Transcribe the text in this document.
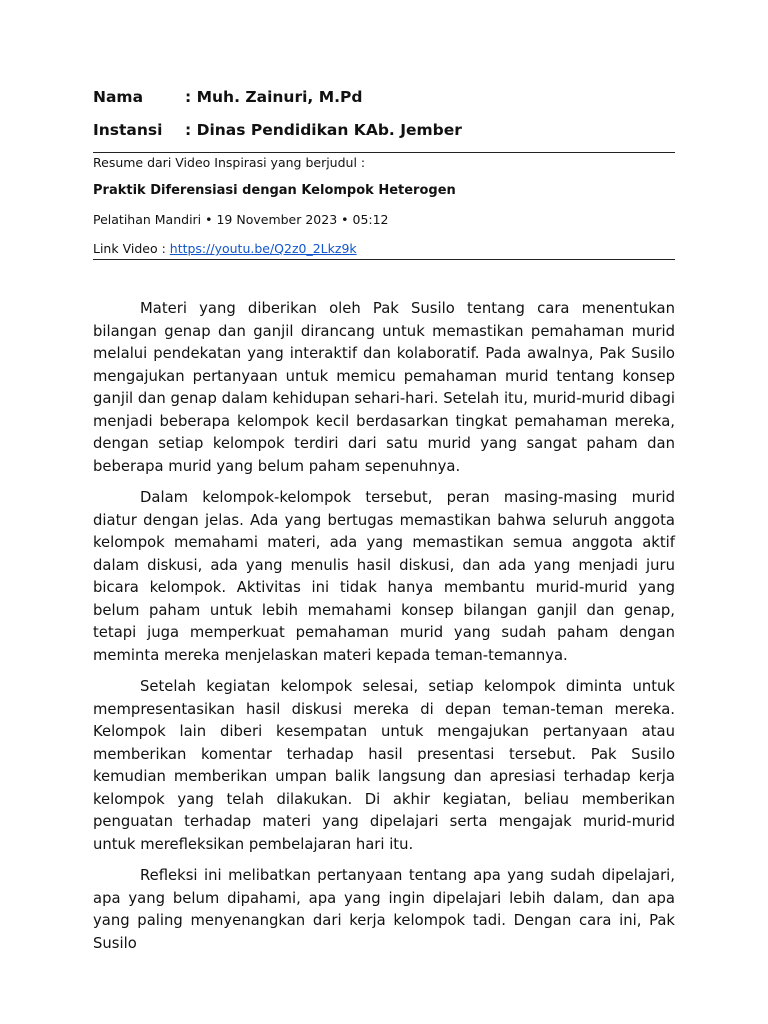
Nama	: Muh. Zainuri, M.Pd
Instansi : Dinas Pendidikan KAb. Jember
Resume dari Video Inspirasi yang berjudul :
Praktik Diferensiasi dengan Kelompok Heterogen
Pelatihan Mandiri • 19 November 2023 • 05:12
Link Video : https://youtu.be/Q2z0_2Lkz9k

Materi yang diberikan oleh Pak Susilo tentang cara menentukan bilangan genap dan ganjil dirancang untuk memastikan pemahaman murid melalui pendekatan yang interaktif dan kolaboratif. Pada awalnya, Pak Susilo mengajukan pertanyaan untuk memicu pemahaman murid tentang konsep ganjil dan genap dalam kehidupan sehari-hari. Setelah itu, murid-murid dibagi menjadi beberapa kelompok kecil berdasarkan tingkat pemahaman mereka, dengan setiap kelompok terdiri dari satu murid yang sangat paham dan beberapa murid yang belum paham sepenuhnya.

Dalam kelompok-kelompok tersebut, peran masing-masing murid diatur dengan jelas. Ada yang bertugas memastikan bahwa seluruh anggota kelompok memahami materi, ada yang memastikan semua anggota aktif dalam diskusi, ada yang menulis hasil diskusi, dan ada yang menjadi juru bicara kelompok. Aktivitas ini tidak hanya membantu murid-murid yang belum paham untuk lebih memahami konsep bilangan ganjil dan genap, tetapi juga memperkuat pemahaman murid yang sudah paham dengan meminta mereka menjelaskan materi kepada teman-temannya.

Setelah kegiatan kelompok selesai, setiap kelompok diminta untuk mempresentasikan hasil diskusi mereka di depan teman-teman mereka. Kelompok lain diberi kesempatan untuk mengajukan pertanyaan atau memberikan komentar terhadap hasil presentasi tersebut. Pak Susilo kemudian memberikan umpan balik langsung dan apresiasi terhadap kerja kelompok yang telah dilakukan. Di akhir kegiatan, beliau memberikan penguatan terhadap materi yang dipelajari serta mengajak murid-murid untuk merefleksikan pembelajaran hari itu.

Refleksi ini melibatkan pertanyaan tentang apa yang sudah dipelajari, apa yang belum dipahami, apa yang ingin dipelajari lebih dalam, dan apa yang paling menyenangkan dari kerja kelompok tadi. Dengan cara ini, Pak Susilo
